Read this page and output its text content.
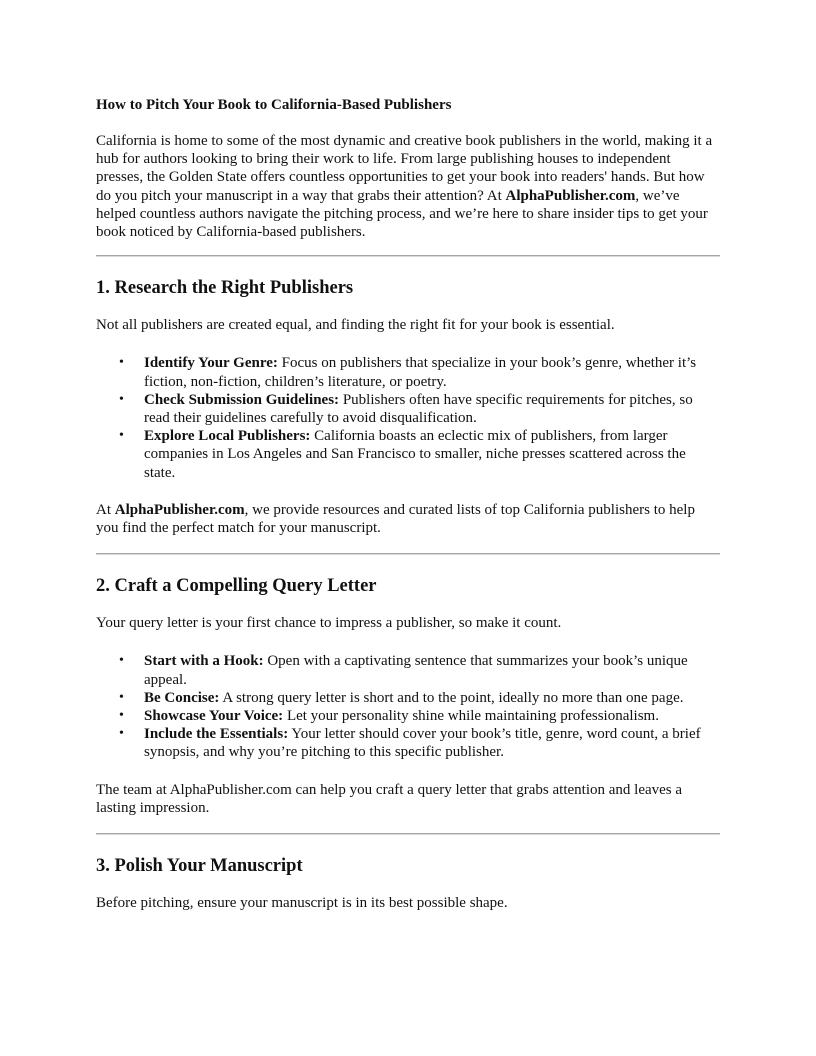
How to Pitch Your Book to California-Based Publishers

California is home to some of the most dynamic and creative book publishers in the world, making it a hub for authors looking to bring their work to life. From large publishing houses to independent presses, the Golden State offers countless opportunities to get your book into readers' hands. But how do you pitch your manuscript in a way that grabs their attention? At AlphaPublisher.com, we’ve helped countless authors navigate the pitching process, and we’re here to share insider tips to get your book noticed by California-based publishers.

1. Research the Right Publishers

Not all publishers are created equal, and finding the right fit for your book is essential.

• Identify Your Genre: Focus on publishers that specialize in your book’s genre, whether it’s fiction, non-fiction, children’s literature, or poetry.
• Check Submission Guidelines: Publishers often have specific requirements for pitches, so read their guidelines carefully to avoid disqualification.
• Explore Local Publishers: California boasts an eclectic mix of publishers, from larger companies in Los Angeles and San Francisco to smaller, niche presses scattered across the state.

At AlphaPublisher.com, we provide resources and curated lists of top California publishers to help you find the perfect match for your manuscript.

2. Craft a Compelling Query Letter

Your query letter is your first chance to impress a publisher, so make it count.

• Start with a Hook: Open with a captivating sentence that summarizes your book’s unique appeal.
• Be Concise: A strong query letter is short and to the point, ideally no more than one page.
• Showcase Your Voice: Let your personality shine while maintaining professionalism.
• Include the Essentials: Your letter should cover your book’s title, genre, word count, a brief synopsis, and why you’re pitching to this specific publisher.

The team at AlphaPublisher.com can help you craft a query letter that grabs attention and leaves a lasting impression.

3. Polish Your Manuscript

Before pitching, ensure your manuscript is in its best possible shape.
